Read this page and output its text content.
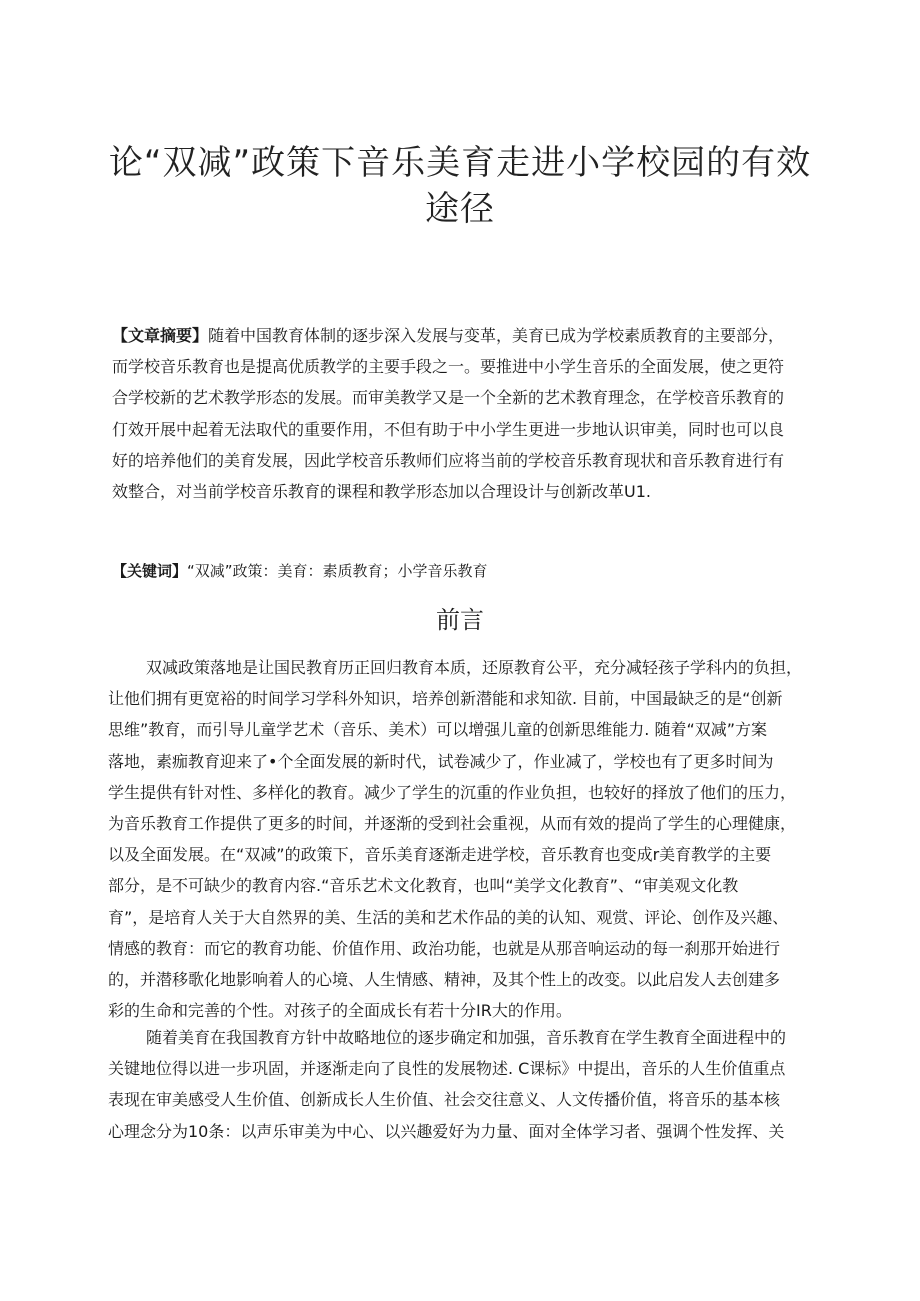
论“双减”政策下音乐美育走进小学校园的有效
途径
【文章摘要】随着中国教育体制的逐步深入发展与变革，美育已成为学校素质教育的主要部分，
而学校音乐教育也是提高优质教学的主要手段之一。要推进中小学生音乐的全面发展，使之更符
合学校新的艺术教学形态的发展。而审美教学又是一个全新的艺术教育理念，在学校音乐教育的
仃效开展中起着无法取代的重要作用，不但有助于中小学生更进一步地认识审美，同时也可以良
好的培养他们的美育发展，因此学校音乐教师们应将当前的学校音乐教育现状和音乐教育进行有
效整合，对当前学校音乐教育的课程和教学形态加以合理设计与创新改革U1.
【关键词】“双减”政策：美育：素质教育；小学音乐教育
前言
双减政策落地是让国民教育历正回归教育本质，还原教育公平，充分减轻孩子学科内的负担，
让他们拥有更宽裕的时间学习学科外知识，培养创新潜能和求知欲. 目前，中国最缺乏的是“创新
思维”教育，而引导儿童学艺术（音乐、美术）可以增强儿童的创新思维能力. 随着“双减”方案
落地，素痂教育迎来了•个全面发展的新时代，试卷减少了，作业减了，学校也有了更多时间为
学生提供有针对性、多样化的教育。减少了学生的沉重的作业负担，也较好的择放了他们的压力，
为音乐教育工作提供了更多的时间，并逐渐的受到社会重视，从而有效的提尚了学生的心理健康，
以及全面发展。在“双减”的政策下，音乐美育逐渐走进学校，音乐教育也变成r美育教学的主要
部分，是不可缺少的教育内容.“音乐艺术文化教育，也叫“美学文化教育”、“审美观文化教
育”，是培育人关于大自然界的美、生活的美和艺术作品的美的认知、观赏、评论、创作及兴趣、
情感的教育：而它的教育功能、价值作用、政治功能，也就是从那音响运动的每一刹那开始进行
的，并潜移歌化地影响着人的心境、人生情感、精神，及其个性上的改变。以此启发人去创建多
彩的生命和完善的个性。对孩子的全面成长有若十分IR大的作用。
随着美育在我国教育方针中故略地位的逐步确定和加强，音乐教育在学生教育全面进程中的
关键地位得以进一步巩固，并逐渐走向了良性的发展物述. C课标》中提出，音乐的人生价值重点
表现在审美感受人生价值、创新成长人生价值、社会交往意义、人文传播价值，将音乐的基本核
心理念分为10条：以声乐审美为中心、以兴趣爱好为力量、面对全体学习者、强调个性发挥、关
